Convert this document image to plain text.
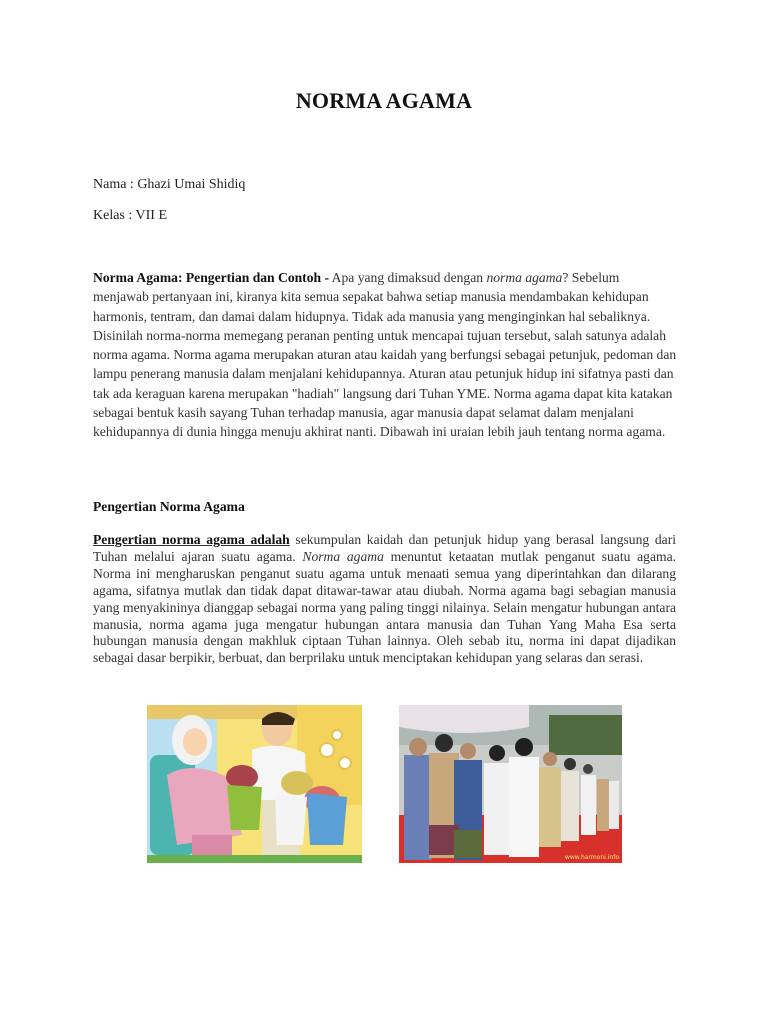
NORMA AGAMA
Nama : Ghazi Umai Shidiq
Kelas : VII E
Norma Agama: Pengertian dan Contoh - Apa yang dimaksud dengan norma agama? Sebelum menjawab pertanyaan ini, kiranya kita semua sepakat bahwa setiap manusia mendambakan kehidupan harmonis, tentram, dan damai dalam hidupnya. Tidak ada manusia yang menginginkan hal sebaliknya. Disinilah norma-norma memegang peranan penting untuk mencapai tujuan tersebut, salah satunya adalah norma agama. Norma agama merupakan aturan atau kaidah yang berfungsi sebagai petunjuk, pedoman dan lampu penerang manusia dalam menjalani kehidupannya. Aturan atau petunjuk hidup ini sifatnya pasti dan tak ada keraguan karena merupakan "hadiah" langsung dari Tuhan YME. Norma agama dapat kita katakan sebagai bentuk kasih sayang Tuhan terhadap manusia, agar manusia dapat selamat dalam menjalani kehidupannya di dunia hingga menuju akhirat nanti. Dibawah ini uraian lebih jauh tentang norma agama.
Pengertian Norma Agama
Pengertian norma agama adalah sekumpulan kaidah dan petunjuk hidup yang berasal langsung dari Tuhan melalui ajaran suatu agama. Norma agama menuntut ketaatan mutlak penganut suatu agama. Norma ini mengharuskan penganut suatu agama untuk menaati semua yang diperintahkan dan dilarang agama, sifatnya mutlak dan tidak dapat ditawar-tawar atau diubah. Norma agama bagi sebagian manusia yang menyakininya dianggap sebagai norma yang paling tinggi nilainya. Selain mengatur hubungan antara manusia, norma agama juga mengatur hubungan antara manusia dan Tuhan Yang Maha Esa serta hubungan manusia dengan makhluk ciptaan Tuhan lainnya. Oleh sebab itu, norma ini dapat dijadikan sebagai dasar berpikir, berbuat, dan berprilaku untuk menciptakan kehidupan yang selaras dan serasi.
www.harmoni.info
